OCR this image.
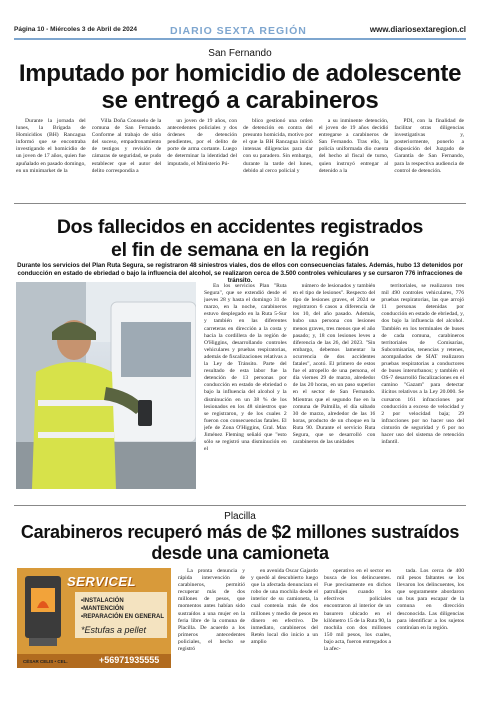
Página 10 - Miércoles 3 de Abril de 2024	DIARIO SEXTA REGIÓN	www.diariosextaregion.cl
San Fernando
Imputado por homicidio de adolescente
se entregó a carabineros

Durante la jornada del lunes, la Brigada de Homicidios (BH) Rancagua informó que se encontraba investigando el homicidio de un joven de 17 años, quien fue apuñalado en pasado domingo, en un minimarket de la

Villa Doña Consuelo de la comuna de San Fernando. Conforme al trabajo de sitio del suceso, empadronamiento de testigos y revisión de cámaras de seguridad, se pudo establecer que el autor del delito correspondía a

un joven de 19 años, con antecedentes policiales y dos órdenes de detención pendientes, por el delito de porte de arma cortante. Luego de determinar la identidad del imputado, el Ministerio Pú-

blico gestionó una orden de detención en contra del presunto homicida, motivo por el que la BH Rancagua inició intensas diligencias para dar con su paradero. Sin embargo, durante la tarde del lunes, debido al cerco policial y

a su inminente detención, el joven de 19 años decidió entregarse a carabineros de San Fernando. Tras ello, la policía uniformada dio cuenta del hecho al fiscal de turno, quien instruyó entregar al detenido a la

PDI, con la finalidad de facilitar otras diligencias investigativas y, posteriormente, ponerlo a disposición del Juzgado de Garantía de San Fernando, para la respectiva audiencia de control de detención.

Dos fallecidos en accidentes registrados
el fin de semana en la región
Durante los servicios del Plan Ruta Segura, se registraron 48 siniestros viales, dos de ellos con consecuencias fatales. Además, hubo 13 detenidos por conducción en estado de ebriedad o bajo la influencia del alcohol, se realizaron cerca de 3.500 controles vehiculares y se cursaron 776 infracciones de tránsito.

En los servicios Plan "Ruta Segura", que se extendió desde el jueves 28 y hasta el domingo 31 de marzo, en la noche, carabineros estuvo desplegado en la Ruta 5-Sur y también en las diferentes carreteras en dirección a la costa y hacia la cordillera de la región de O'Higgins, desarrollando controles vehiculares y pruebas respiratorias, además de fiscalizaciones relativas a la Ley de Tránsito. Parte del resultado de esta labor fue la detención de 13 personas por conducción en estado de ebriedad o bajo la influencia del alcohol y la disminución en un 38 % de los lesionados en los 48 siniestros que se registraron, y de los cuales 2 fueron con consecuencias fatales. El jefe de Zona O'Higgins, Gral. Max Jiménez Fleming señaló que "esto sólo se registró una disminución en el

número de lesionados y también en el tipo de lesiones". Respecto del tipo de lesiones graves, el 2024 se registraron 6 casos a diferencia de los 10, del año pasado. Además, hubo una persona con lesiones menos graves, tres menos que el año pasado; y, 18 con lesiones leves a diferencia de las 26, del 2023. "Sin embargo, debemos lamentar la ocurrencia de dos accidentes fatales", acotó. El primero de estos fue el atropello de una persona, el día viernes 29 de marzo, alrededor de las 20 horas, en un paso superior en el sector de San Fernando. Mientras que el segundo fue en la comuna de Palmilla, el día sábado 30 de marzo, alrededor de las 16 horas, producto de un choque en la Ruta 90. Durante el servicio Ruta Segura, que se desarrolló con carabineros de las unidades

territoriales, se realizaron tres mil 490 controles vehiculares, 776 pruebas respiratorias, las que arrojó 11 personas detenidas por conducción en estado de ebriedad, y, dos bajo la influencia del alcohol. También en los terminales de buses de cada comuna, carabineros territoriales de Comisarías, Subcomisarías, tenencias y retenes, acompañados de SIAT realizaron pruebas respiratorias a conductores de buses interurbanos; y también el OS-7 desarrolló fiscalizaciones en el camino "Gazam" para detectar ilícitos relativos a la Ley 20.000. Se cursaron 161 infracciones por conducción a exceso de velocidad y 2 por velocidad baja; 29 infracciones por no hacer uso del cinturón de seguridad y 6 por no hacer uso del sistema de retención infantil.

Placilla
Carabineros recuperó más de $2 millones sustraídos
desde una camioneta
SERVICEL
•INSTALACIÓN
•MANTENCIÓN
•REPARACIÓN EN GENERAL
*Estufas a pellet
CÉSAR CELIS • CEL.	+56971935555

La pronta denuncia y rápida intervención de carabineros, permitió recuperar más de dos millones de pesos, que momentos antes habían sido sustraídos a una mujer en la feria libre de la comuna de Placilla. De acuerdo a los primeros antecedentes policiales, el hecho se registró

en avenida Óscar Gajardo y quedó al descubierto luego que la afectada denunciara el robo de una mochila desde el interior de su camioneta, la cual contenía más de dos millones y medio de pesos en dinero en efectivo. De inmediato, carabineros del Retén local dio inicio a un amplio

operativo en el sector en busca de los delincuentes. Fue precisamente en dichos patrullajes cuando los efectivos policiales encontraron al interior de un basurero ubicado en el kilómetro 15 de la Ruta 90, la mochila con dos millones 150 mil pesos, los cuales, bajo acta, fueron entregados a la afec-

tada. Los cerca de 400 mil pesos faltantes se los llevaron los delincuentes, los que seguramente abordaron un bus para escapar de la comuna en dirección desconocida. Las diligencias para identificar a los sujetos continúan en la región.
